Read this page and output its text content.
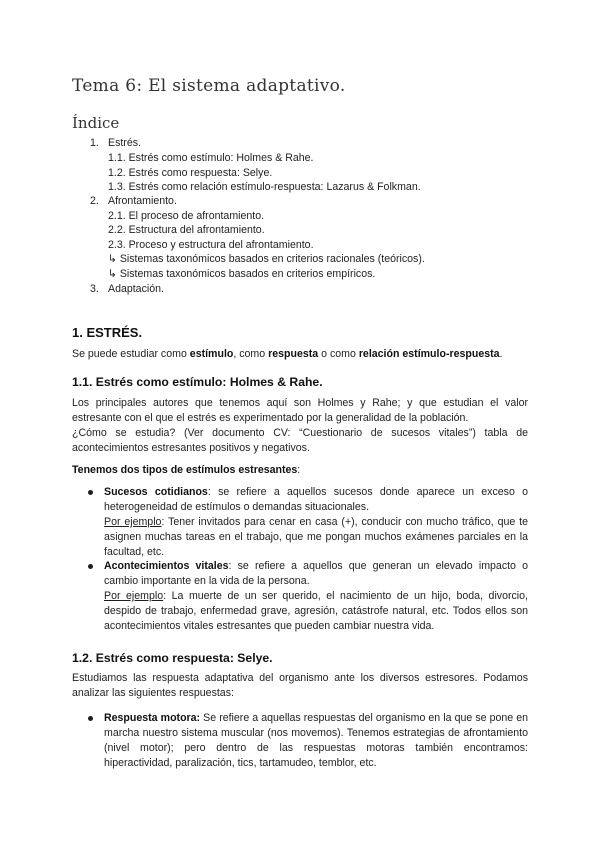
Tema 6: El sistema adaptativo.
Índice
1. Estrés.
1.1. Estrés como estímulo: Holmes & Rahe.
1.2. Estrés como respuesta: Selye.
1.3. Estrés como relación estímulo-respuesta: Lazarus & Folkman.
2. Afrontamiento.
2.1. El proceso de afrontamiento.
2.2. Estructura del afrontamiento.
2.3. Proceso y estructura del afrontamiento.
↳ Sistemas taxonómicos basados en criterios racionales (teóricos).
↳ Sistemas taxonómicos basados en criterios empíricos.
3. Adaptación.
1. ESTRÉS.

Se puede estudiar como estímulo, como respuesta o como relación estímulo-respuesta.

1.1. Estrés como estímulo: Holmes & Rahe.

Los principales autores que tenemos aquí son Holmes y Rahe; y que estudian el valor estresante con el que el estrés es experimentado por la generalidad de la población.

¿Cómo se estudia? (Ver documento CV: “Cuestionario de sucesos vitales”) tabla de acontecimientos estresantes positivos y negativos.

Tenemos dos tipos de estímulos estresantes:

Sucesos cotidianos: se refiere a aquellos sucesos donde aparece un exceso o heterogeneidad de estímulos o demandas situacionales.
Por ejemplo: Tener invitados para cenar en casa (+), conducir con mucho tráfico, que te asignen muchas tareas en el trabajo, que me pongan muchos exámenes parciales en la facultad, etc.
Acontecimientos vitales: se refiere a aquellos que generan un elevado impacto o cambio importante en la vida de la persona.
Por ejemplo: La muerte de un ser querido, el nacimiento de un hijo, boda, divorcio, despido de trabajo, enfermedad grave, agresión, catástrofe natural, etc. Todos ellos son acontecimientos vitales estresantes que pueden cambiar nuestra vida.
1.2. Estrés como respuesta: Selye.

Estudiamos las respuesta adaptativa del organismo ante los diversos estresores. Podamos analizar las siguientes respuestas:

Respuesta motora: Se refiere a aquellas respuestas del organismo en la que se pone en marcha nuestro sistema muscular (nos movemos). Tenemos estrategias de afrontamiento (nivel motor); pero dentro de las respuestas motoras también encontramos: hiperactividad, paralización, tics, tartamudeo, temblor, etc.
